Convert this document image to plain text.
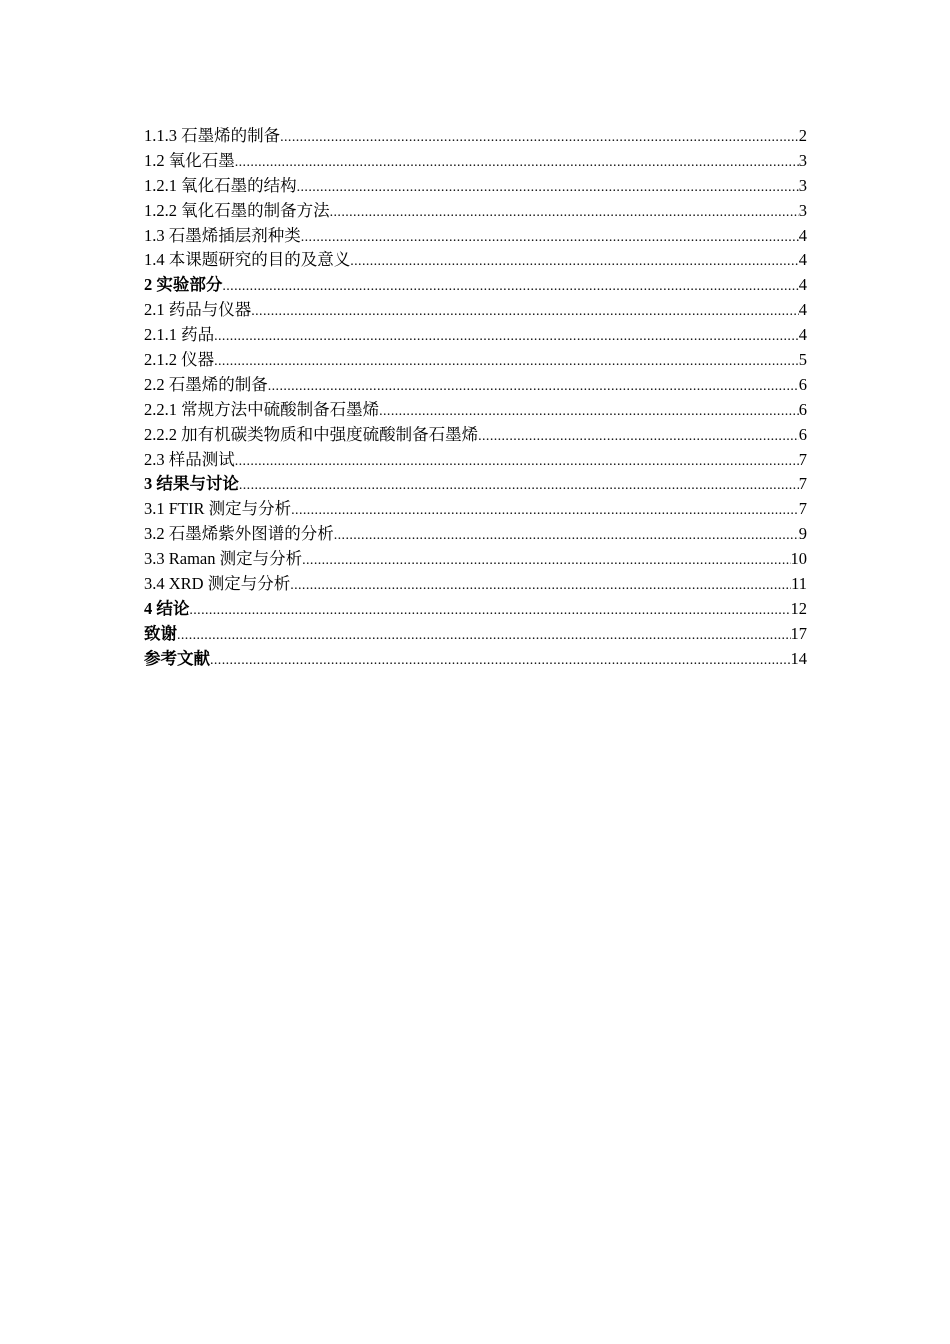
1.1.3 石墨烯的制备 .....	2
1.2 氧化石墨 .....	3
1.2.1 氧化石墨的结构 .....	3
1.2.2 氧化石墨的制备方法 .....	3
1.3 石墨烯插层剂种类 .....	4
1.4 本课题研究的目的及意义 .....	4
2 实验部分 .....	4
2.1 药品与仪器 .....	4
2.1.1 药品 .....	4
2.1.2 仪器 .....	5
2.2 石墨烯的制备 .....	6
2.2.1 常规方法中硫酸制备石墨烯 .....	6
2.2.2 加有机碳类物质和中强度硫酸制备石墨烯 .....	6
2.3 样品测试 .....	7
3 结果与讨论 .....	7
3.1 FTIR 测定与分析 .....	7
3.2 石墨烯紫外图谱的分析 .....	9
3.3 Raman 测定与分析 .....	10
3.4 XRD 测定与分析 .....	11
4 结论 .....	12
致谢 .....	17
参考文献 .....	14
